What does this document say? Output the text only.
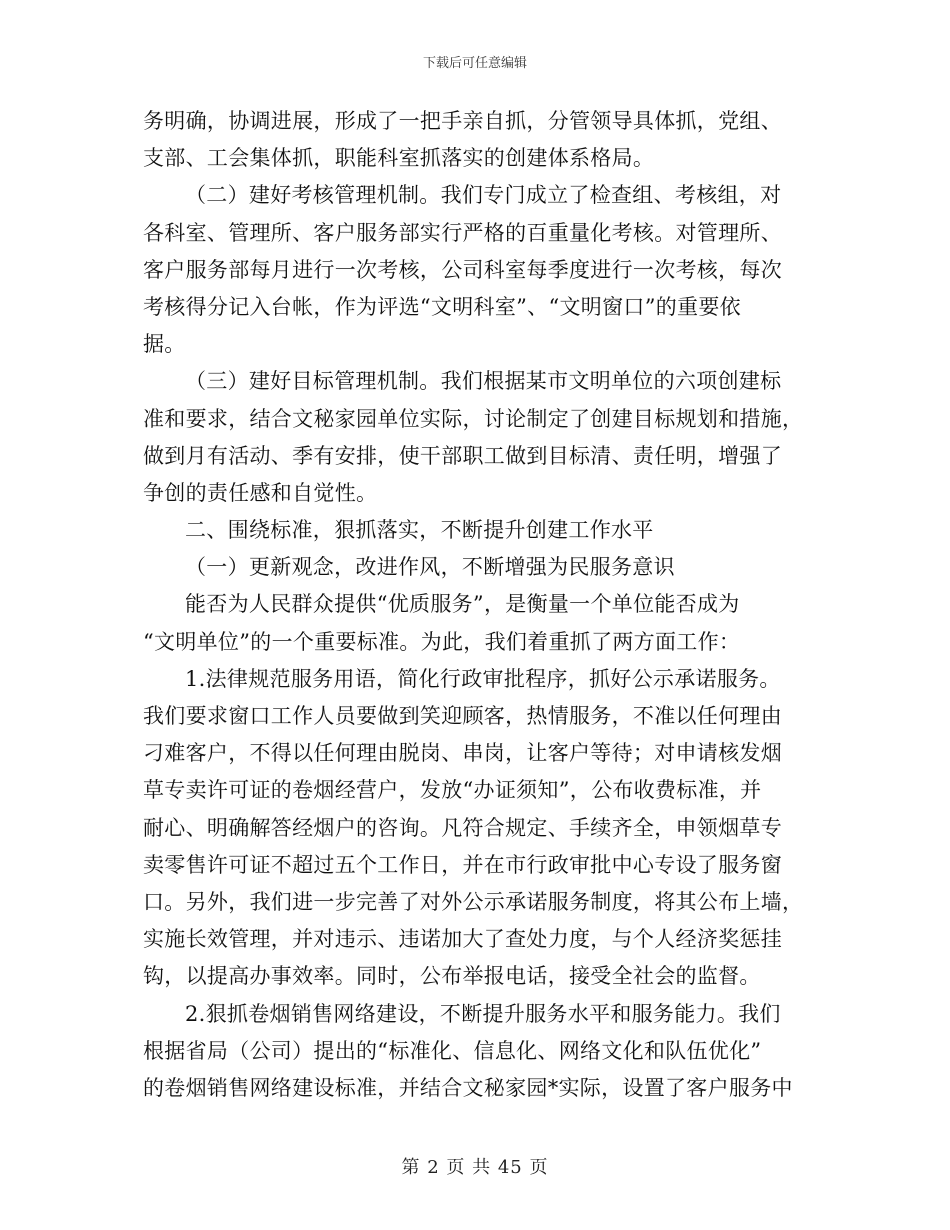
下载后可任意编辑
务明确，协调进展，形成了一把手亲自抓，分管领导具体抓，党组、
支部、工会集体抓，职能科室抓落实的创建体系格局。
（二）建好考核管理机制。我们专门成立了检查组、考核组，对
各科室、管理所、客户服务部实行严格的百重量化考核。对管理所、
客户服务部每月进行一次考核，公司科室每季度进行一次考核，每次
考核得分记入台帐，作为评选“文明科室”、“文明窗口”的重要依
据。
（三）建好目标管理机制。我们根据某市文明单位的六项创建标
准和要求，结合文秘家园单位实际，讨论制定了创建目标规划和措施，
做到月有活动、季有安排，使干部职工做到目标清、责任明，增强了
争创的责任感和自觉性。
二、围绕标准，狠抓落实，不断提升创建工作水平
（一）更新观念，改进作风，不断增强为民服务意识
能否为人民群众提供“优质服务”，是衡量一个单位能否成为
“文明单位”的一个重要标准。为此，我们着重抓了两方面工作：
1.法律规范服务用语，简化行政审批程序，抓好公示承诺服务。
我们要求窗口工作人员要做到笑迎顾客，热情服务，不准以任何理由
刁难客户，不得以任何理由脱岗、串岗，让客户等待；对申请核发烟
草专卖许可证的卷烟经营户，发放“办证须知”，公布收费标准，并
耐心、明确解答经烟户的咨询。凡符合规定、手续齐全，申领烟草专
卖零售许可证不超过五个工作日，并在市行政审批中心专设了服务窗
口。另外，我们进一步完善了对外公示承诺服务制度，将其公布上墙，
实施长效管理，并对违示、违诺加大了查处力度，与个人经济奖惩挂
钩，以提高办事效率。同时，公布举报电话，接受全社会的监督。
2.狠抓卷烟销售网络建设，不断提升服务水平和服务能力。我们
根据省局（公司）提出的“标准化、信息化、网络文化和队伍优化”
的卷烟销售网络建设标准，并结合文秘家园*实际，设置了客户服务中
第 2 页 共 45 页
